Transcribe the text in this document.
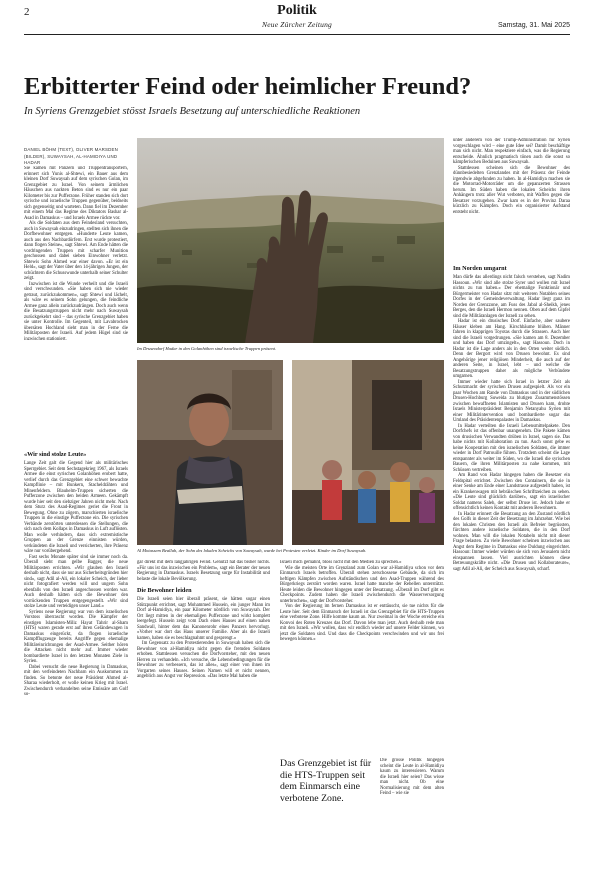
2	Politik
Neue Zürcher Zeitung	Samstag, 31. Mai 2025
Erbitterter Feind oder heimlicher Freund?
In Syriens Grenzgebiet stösst Israels Besetzung auf unterschiedliche Reaktionen
DANIEL BÖHM (TEXT), OLIVER MARSDEN (BILDER), SUWAYSAH, AL-HAMIDIYA UND HADAR

Sie kamen mit Panzern und Truppentransportern, erinnert sich Yunis al-Shtewi, ein Bauer aus dem kleinen Dorf Suwaysah auf dem syrischen Golan, im Grenzgebiet zu Israel. Von seinem ärmlichen Häuschen aus nackten Beton sind es nur ein paar Kilometer bis zur Pufferzone. Früher standen sich dort syrische und israelische Truppen gegenüber, beidseits sich gegenseitig und warteten. Dann fiel im Dezember mit einem Mal das Regime des Diktators Bashar al-Asad in Damaskus – und Israels Armee rückte vor.

Als die Soldaten aus dem Feindesland versuchten, auch in Suwaysah einzudringen, stellten sich ihnen die Dorfbewohner entgegen. «Hunderte Leute kamen, auch aus den Nachbardörfern. Erst wurde protestiert, dann flogen Steine», sagt Shtewi. Am Ende hätten die vordringenden Truppen mit scharfer Munition geschossen und dabei sieben Einwohner verletzt. Shtewis Sohn Ahmed war einer davon. «Er ist ein Held», sagt der Vater über den 14-jährigen Jungen, der schüchtern die Schusswunde unterhalb seiner Schulter zeigt.

Inzwischen ist die Wunde verheilt und die Israeli sind verschwunden. «Sie haben sich nie wieder getraut, zurückzukommen», sagt Shtewi und lächelt, als wäre es seinem Sohn gelungen, die feindliche Armee ganz allein zurückzudrängen. Doch auch wenn die Besatzungstruppen nicht mehr nach Suwaysah zurückgekehrt sind – das syrische Grenzgebiet haben sie unter Kontrolle. Im Gegenteil, mit Lavabrocken übersäten Hochland sieht man in der Ferne die Militärposten der Israeli. Auf jedem Hügel sind sie inzwischen stationiert.

«Wir sind stolze Leute»

Lange Zeit galt die Gegend hier als militärisches Sperrgebiet. Seit dem Sechstagekrieg 1967, als Israels Armee die einst syrischen Golanhöhen erobert hatte, verlief durch das Grenzgebiet eine schwer bewachte Kampflinie – mit Bunkern, Stacheldrähten und Minenfeldern. Blauhelm-Truppen sicherten die Pufferzone zwischen den beiden Armeen. Gekämpft wurde hier seit den siebziger Jahren nicht mehr. Nach dem Sturz des Asad-Regimes geriet die Front in Bewegung. Ohne zu zögern, marschierten israelische Truppen in die einstige Pufferzone ein. Die syrischen Verbände zerstörten unterdessen die Stellungen, die sich nach dem Kollaps in Damaskus in Luft auflösten. Man wolle verhindern, dass sich extremistische Gruppen an der Grenze einnisten würden, verkündeten die Israeli und versicherten, ihre Präsenz wäre nur vorübergehend.

Fast sechs Monate später sind sie immer noch da. Überall sieht man gelbe Bagger, die neue Militärposten errichten. «Wir glauben den Israeli deshalb nicht, dass sie nur aus Sicherheitsgründen hier sind», sagt Adil al-Ali, ein lokaler Scheich, der lieber nicht fotografiert werden will und ungern Sohn ebenfalls von den Israeli angeschossen worden war. Auch deshalb hätten sich die Bewohner den vorrückenden Truppen entgegengestellt. «Wir sind stolze Leute und verteidigen unser Land.»

Syriens neue Regierung war von dem israelischen Vorstoss überrascht worden. Die Kämpfer der einstigen Islamisten-Miliz Hayat Tahrir al-Sham (HTS) waren gerade erst auf ihren Geländewagen in Damaskus eingerückt, da flogen israelische Kampfflugzeuge bereits Angriffe gegen ehemalige Militäreinrichtungen der Asad-Armee. Seither hören die Attacken nicht mehr auf. Immer wieder bombardierte Israel in den letzten Monaten Ziele in Syrien.

Dabei versucht die neue Regierung in Damaskus, mit den verfeindeten Nachbarn ein Auskommen zu finden. So betonte der neue Präsident Ahmed al-Sharaa wiederholt, er wolle keinen Krieg mit Israel. Zwischendurch verhandelten seine Emissäre am Golf so-

Im Drusendorf Hadar in den Golanhöhen sind israelische Truppen präsent.

unter anderem von der Trump-Administration für Syrien vorgeschlagen wird – eine gute Idee sei? Damit beschäftige man sich nicht. Man respektiere einfach, was die Regierung entscheide. Ähnlich pragmatisch tönen auch die sonst so kämpferischen Beduinen aus Suwaysah.

Stattdessen scheinen sich die Bewohner des dünnbesiedelten Grenzlandes mit der Präsenz der Feinde irgendwie abgefunden zu haben. In al-Hamidiya machen sie die Motorrad-Motorräder um die gepanzerten Strassen herum. Im Süden haben die lokalen Scheichs ihren Anhängern trotz aller Wut verboten, mit Waffen gegen die Besatzer vorzugehen. Zwar kam es in der Provinz Daraa kürzlich zu Kämpfen. Doch ein organisierter Aufstand entsteht nicht.

Im Norden umgarnt

Man dürfe das allerdings nicht falsch verstehen, sagt Nadim Hassoun. «Wir sind alle stolze Syrer und wollen mit Israel nichts zu tun haben.» Der ehemalige Funktionär und Bürgermeister von Hadar sitzt mit weiteren Notablen seines Dorfes in der Gemeindeverwaltung. Hadar liegt ganz im Norden der Grenzzone, am Fuss des Jabal al-Sheikh, jenes Berges, den die Israeli Hermon nennen. Oben auf dem Gipfel sind die Militäranlagen der Israeli zu sehen.

Hadar ist ein drusisches Dorf. Einfache, aber saubere Häuser kleben am Hang. Kirschbäume blühen. Männer fahren in klapprigen Toyotas durch die Strassen. Auch hier sind die Israeli vorgedrungen. «Sie kamen am 8. Dezember und haben das Dorf umzingelt», sagt Hassoun. Doch in Hadar ist die Lage anders als in den Orten weiter südlich. Denn der Bergort wird von Drusen bewohnt. Es sind Angehörige jener religiösen Minderheit, die auch auf der anderen Seite, in Israel, lebt – und welche die Besatzungstruppen daher als mögliche Verbündete umgarnen.

Immer wieder hatte sich Israel in letzter Zeit als Schutzmacht der syrischen Drusen aufgespielt. Als vor ein paar Wochen am Rande von Damaskus und in der südlichen Drusen-Hochburg Suweida zu blutigen Zusammenstössen zwischen bewaffneten Islamisten und Drusen kam, drohte Israels Ministerpräsident Benjamin Netanyahu Syrien mit einer Militärintervention und bombardierte sogar das Umland des Präsidentenpalastes in Damaskus.

In Hadar verteilten die Israeli Lebensmittelpakete. Den Dorfchefs ist das offenbar unangenehm. Die Pakete kämen von drusischen Verwandten drüben in Israel, sagen sie. Das habe nichts mit Kollaboration zu tun. Auch sonst gebe es keine Kooperation mit den israelischen Soldaten, die immer wieder in Dorf Patrouille führen. Trotzdem scheint die Lage entspannter als weiter im Süden, wo die Israeli die syrischen Bauern, die ihren Militärposten zu nahe kommen, mit Schüssen vertreiben.

Am Rand von Hadar hingegen haben die Besetzer ein Feldspital errichtet. Zwischen den Containern, die sie in einer Senke am Ende einer Landstrasse aufgestellt haben, ist ein Krankenwagen mit hebräischen Schriftzeichen zu sehen. «Die Leute sind glücklich darüber», sagt ein israelischer Soldat namens Saleh, der selbst Druse ist. Jedoch habe er offensichtlich keinen Kontakt mit anderen Bewohnern.

In Hadar erinnert die Besatzung an den Zustand nördlich des Golfs in dieser Zeit der Besetzung im Jahrzehnt. Wie bei den lokalen Christen den Israeli als Befreier begrüssten, fürchten andere israelische Soldaten, die in den Dorf wohnen. Man will die lokalen Notabeln nicht mit dieser Frage belasten. Zu viele Bewohner scheinen inzwischen aus Angst dem Regime in Damaskus eine Duldung eingerichtet. Hassoun: Immer wieder würden sie sich von Jerusalem nicht einspannen lassen. Viel ausrichten können diese Betreuungskräfte nicht. «Die Drusen und Kollaborateure», sagt Adil al-Ali, der Scheich aus Suwaysah, scharf.

Al Motassem Beallah, der Sohn des lokalen Scheichs von Suwaysah, wurde bei Protesten verletzt. Kinder im Dorf Suwaysah.

gar direkt mit dem langjährigen Feind. Genützt hat das bisher nichts. «Für uns ist das inzwischen ein Problem», sagt ein Berater der neuen Regierung in Damaskus. Israels Besetzung sorge für Instabilität und belaste die lokale Bevölkerung.

Die Bewohner leiden

Die Israeli seien hier überall präsent, sie hätten sogar einen Stützpunkt errichtet, sagt Mohammed Hussein, ein junger Mann im Dorf al-Hamidiya, ein paar Kilometer nördlich von Suwaysah. Der Ort liegt mitten in der ehemaligen Pufferzone und wirkt komplett leergefegt. Hussein zeigt vom Dach eines Hauses auf einen nahen Sandwall, hinter dem das Kanonenrohr eines Panzers hervorlugt. «Vorher war dort das Haus unserer Familie. Aber als die Israeli kamen, haben sie es beschlagnahmt und gesprengt.»

Im Gegensatz zu den Protestierenden in Suwaysah haben sich die Bewohner von al-Hamidiya nicht gegen die fremden Soldaten erhoben. Stattdessen versuchen die Dorfvorsteher, mit den neuen Herren zu verhandeln. «Ich versuche, die Lebensbedingungen für die Bewohner zu verbessern, das ist alles», sagt einer von ihnen im Vorgarten seines Hauses. Seinen Namen will er nicht nennen, angeblich aus Angst vor Repression. «Das letzte Mal haben die

Israeli mich gemahnt, bloss nicht mit den Medien zu sprechen.»

Wie die meisten Orte im Grenzland zum Golan war al-Hamidiya schon vor dem Einmarsch Israels betroffen. Überall stehen zerschossene Gebäude, da sich im heftigen Kämpfen zwischen Aufständischen und den Asad-Truppen während des Bürgerkriegs zerstört worden waren. Israel hatte manche der Rebellen unterstützt. Heute leiden die Bewohner hingegen unter der Besatzung. «Überall im Dorf gibt es Checkpoints. Zudem haben die Israeli zwischendurch die Wasserversorgung unterbrochen», sagt der Dorfvorsteher.

Von der Regierung im fernen Damaskus ist er enttäuscht, sie tue nichts für die Leute hier. Seit dem Einmarsch der Israeli ist das Grenzgebiet für die HTS-Truppen eine verbotene Zone. Hilfe komme kaum an. Nur zweimal in der Woche erreiche ein Konvoi des Roten Kreuzes das Dorf. Davon lebe man jetzt. Auch deshalb rede man mit den Israeli. «Wir wollen, dass wir endlich wieder auf unsere Felder können, wo jetzt die Soldaten sind. Und dass die Checkpoints verschwinden und wir uns frei bewegen können.»

Die grosse Politik hingegen scheint die Leute in al-Hamidiya kaum zu interessieren. Warum die Israeli hier seien? Das wisse man nicht. Ob eine Normalisierung mit dem alten Feind – wie sie

Das Grenzgebiet ist für die HTS-Truppen seit dem Einmarsch eine verbotene Zone.
